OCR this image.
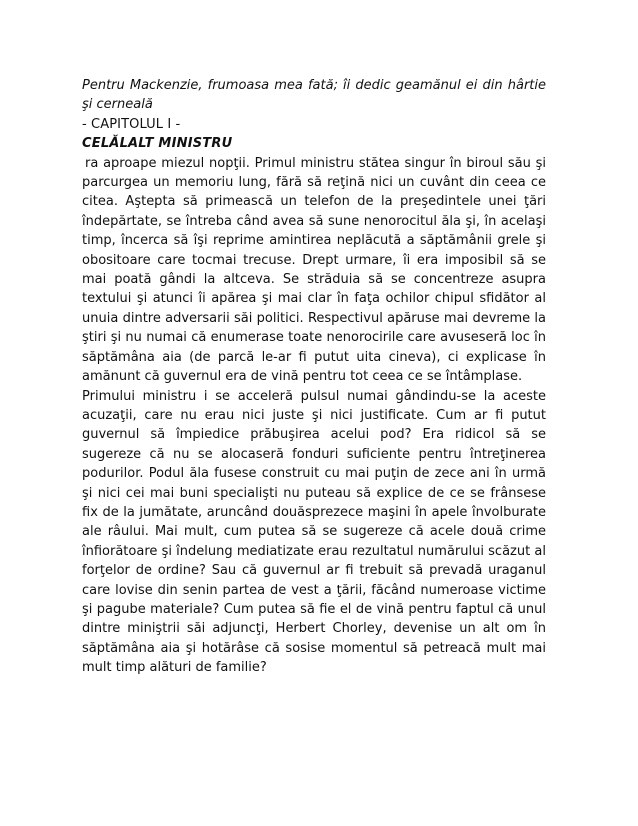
Pentru Mackenzie, frumoasa mea fată; îi dedic geamănul ei din hârtie şi cerneală

- CAPITOLUL I -

CELĂLALT MINISTRU

ra aproape miezul nopţii. Primul ministru stătea singur în biroul său şi parcurgea un memoriu lung, fără să reţină nici un cuvânt din ceea ce citea. Aştepta să primească un telefon de la preşedintele unei ţări îndepărtate, se întreba când avea să sune nenorocitul ăla şi, în acelaşi timp, încerca să îşi reprime amintirea neplăcută a săptămânii grele şi obositoare care tocmai trecuse. Drept urmare, îi era imposibil să se mai poată gândi la altceva. Se străduia să se concentreze asupra textului şi atunci îi apărea şi mai clar în faţa ochilor chipul sfidător al unuia dintre adversarii săi politici. Respectivul apăruse mai devreme la ştiri şi nu numai că enumerase toate nenorocirile care avuseseră loc în săptămâna aia (de parcă le-ar fi putut uita cineva), ci explicase în amănunt că guvernul era de vină pentru tot ceea ce se întâmplase.

Primului ministru i se acceleră pulsul numai gândindu-se la aceste acuzaţii, care nu erau nici juste şi nici justificate. Cum ar fi putut guvernul să împiedice prăbuşirea acelui pod? Era ridicol să se sugereze că nu se alocaseră fonduri suficiente pentru întreţinerea podurilor. Podul ăla fusese construit cu mai puţin de zece ani în urmă şi nici cei mai buni specialişti nu puteau să explice de ce se frânsese fix de la jumătate, aruncând douăsprezece maşini în apele învolburate ale râului. Mai mult, cum putea să se sugereze că acele două crime înfiorătoare şi îndelung mediatizate erau rezultatul numărului scăzut al forţelor de ordine? Sau că guvernul ar fi trebuit să prevadă uraganul care lovise din senin partea de vest a ţării, făcând numeroase victime şi pagube materiale? Cum putea să fie el de vină pentru faptul că unul dintre miniştrii săi adjuncţi, Herbert Chorley, devenise un alt om în săptămâna aia şi hotărâse că sosise momentul să petreacă mult mai mult timp alături de familie?
